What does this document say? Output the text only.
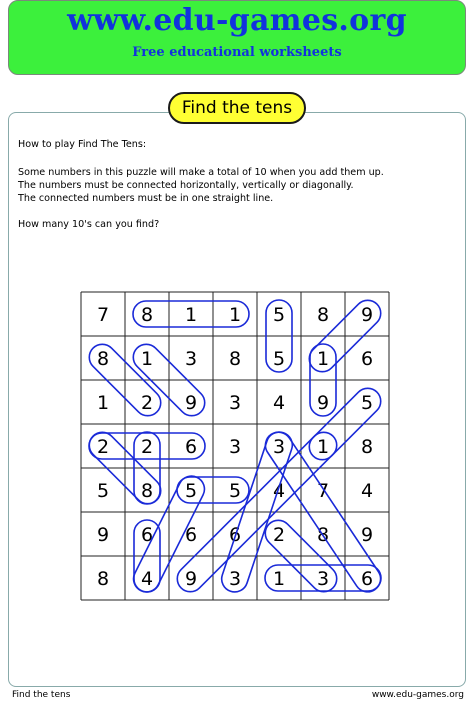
www.edu-games.org
Free educational worksheets
Find the tens
How to play Find The Tens:
Some numbers in this puzzle will make a total of 10 when you add them up.
The numbers must be connected horizontally, vertically or diagonally.
The connected numbers must be in one straight line.
How many 10's can you find?
7 8 1 1 5 8 9
8 1 3 8 5 1 6
1 2 9 3 4 9 5
2 2 6 3 3 1 8
5 8 5 5 4 7 4
9 6 6 6 2 8 9
8 4 9 3 1 3 6
Find the tens	www.edu-games.org
